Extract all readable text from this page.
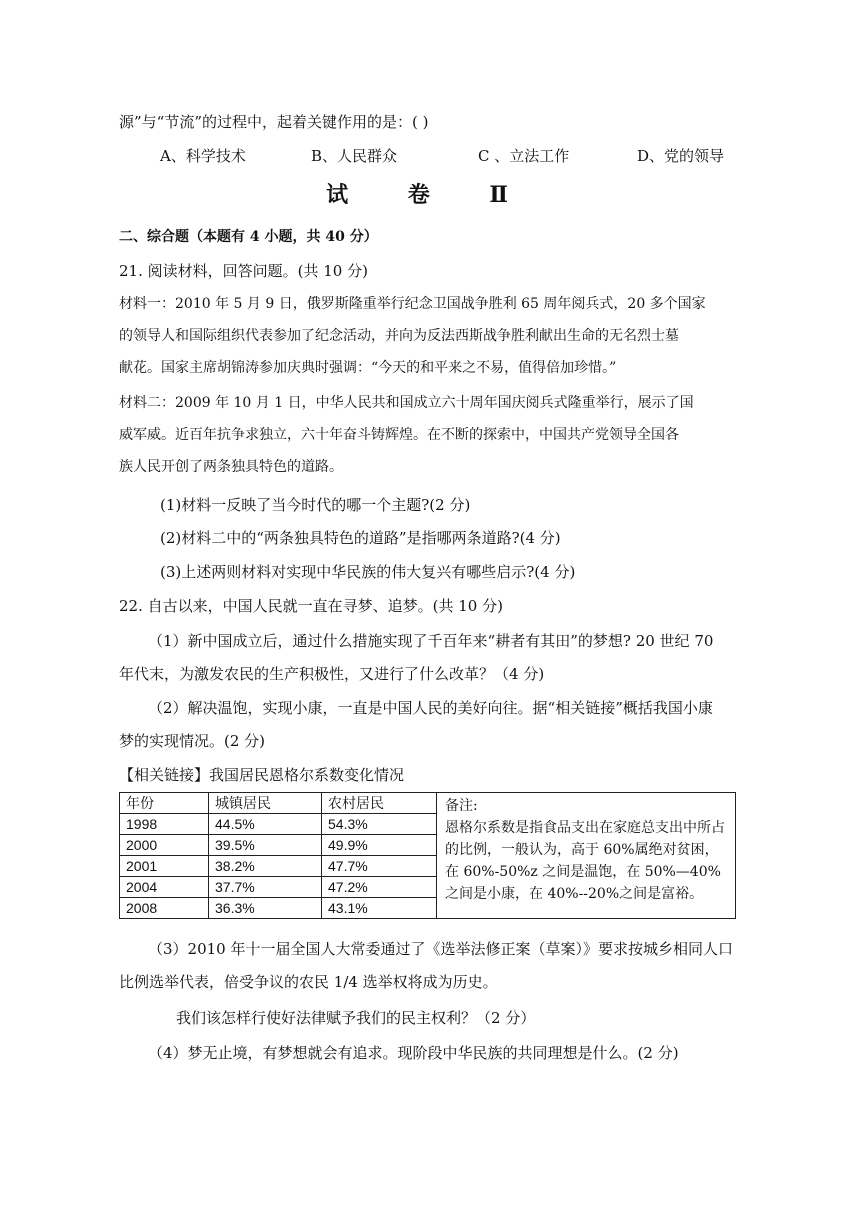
源”与“节流”的过程中，起着关键作用的是：( )
A、科学技术	B、人民群众	C 、立法工作	D、党的领导
试 卷 Ⅱ
二、综合题（本题有 4 小题，共 40 分）
21. 阅读材料，回答问题。(共 10 分)
材料一：2010 年 5 月 9 日，俄罗斯隆重举行纪念卫国战争胜利 65 周年阅兵式，20 多个国家
的领导人和国际组织代表参加了纪念活动，并向为反法西斯战争胜利献出生命的无名烈士墓
献花。国家主席胡锦涛参加庆典时强调：“今天的和平来之不易，值得倍加珍惜。”
材料二：2009 年 10 月 1 日，中华人民共和国成立六十周年国庆阅兵式隆重举行，展示了国
威军威。近百年抗争求独立，六十年奋斗铸辉煌。在不断的探索中，中国共产党领导全国各
族人民开创了两条独具特色的道路。
(1)材料一反映了当今时代的哪一个主题?(2 分)
(2)材料二中的“两条独具特色的道路”是指哪两条道路?(4 分)
(3)上述两则材料对实现中华民族的伟大复兴有哪些启示?(4 分)
22. 自古以来，中国人民就一直在寻梦、追梦。(共 10 分)
（1）新中国成立后，通过什么措施实现了千百年来“耕者有其田”的梦想? 20 世纪 70
年代末，为激发农民的生产积极性，又进行了什么改革？（4 分)
（2）解决温饱，实现小康，一直是中国人民的美好向往。据“相关链接”概括我国小康
梦的实现情况。(2 分)
【相关链接】我国居民恩格尔系数变化情况
年份	城镇居民	农村居民	备注:
恩格尔系数是指食品支出在家庭总支出中所占的比例，一般认为，高于 60%属绝对贫困，在 60%-50%z 之间是温饱，在 50%—40%之间是小康，在 40%--20%之间是富裕。

1998	44.5%	54.3%	
2000	39.5%	49.9%	
2001	38.2%	47.7%	
2004	37.7%	47.2%	
2008	36.3%	43.1%	
（3）2010 年十一届全国人大常委通过了《选举法修正案（草案）》要求按城乡相同人口
比例选举代表，倍受争议的农民 1/4 选举权将成为历史。
我们该怎样行使好法律赋予我们的民主权利？（2 分）
（4）梦无止境，有梦想就会有追求。现阶段中华民族的共同理想是什么。(2 分)
